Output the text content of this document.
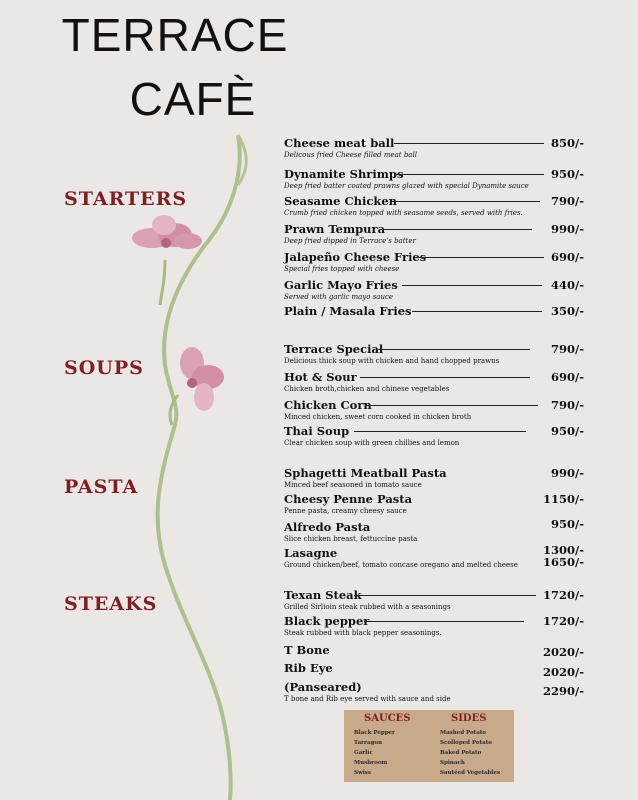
TERRACE
CAFÈ
STARTERS
SOUPS
PASTA
STEAKS
Cheese meat ball
Delicous fried Cheese filled meat ball
850/-
Dynamite Shrimps
Deep fried batter coated prawns glazed with special Dynamite sauce
950/-
Seasame Chicken
Crumb fried chicken topped with seasame seeds, served with fries.
790/-
Prawn Tempura
Deep fried dipped in Terrace's batter
990/-
Jalapeño Cheese Fries
Special fries topped with cheese
690/-
Garlic Mayo Fries
Served with garlic mayo sauce
440/-
Plain / Masala Fries	350/-
Terrace Special
Delicious thick soup with chicken and hand chopped prawns
790/-
Hot & Sour
Chicken broth,chicken and chinese vegetables
690/-
Chicken Corn
Minced chicken, sweet corn cooked in chicken broth
790/-
Thai Soup
Clear chicken soup with green chillies and lemon
950/-
Sphagetti Meatball Pasta
Minced beef seasoned in tomato sauce
990/-
Cheesy Penne Pasta
Penne pasta, creamy cheesy sauce
1150/-
Alfredo Pasta
Slice chicken breast, fettuccine pasta
950/-
Lasagne
Ground chicken/beef, tomato concase oregano and melted cheese
1300/-
1650/-
Texan Steak
Grilled Sirlioin steak rubbed with a seasonings
1720/-
Black pepper
Steak rubbed with black pepper seasonings.
1720/-
T Bone	2020/-
Rib Eye	2020/-
(Panseared)
T bone and Rib eye served with sauce and side
2290/-
SAUCES	SIDES
Black Pepper
Tarragon
Garlic
Mushroom
Swiss
Mashed Potato
Scolloped Potato
Baked Potato
Spinach
Sautéed Vegetables
